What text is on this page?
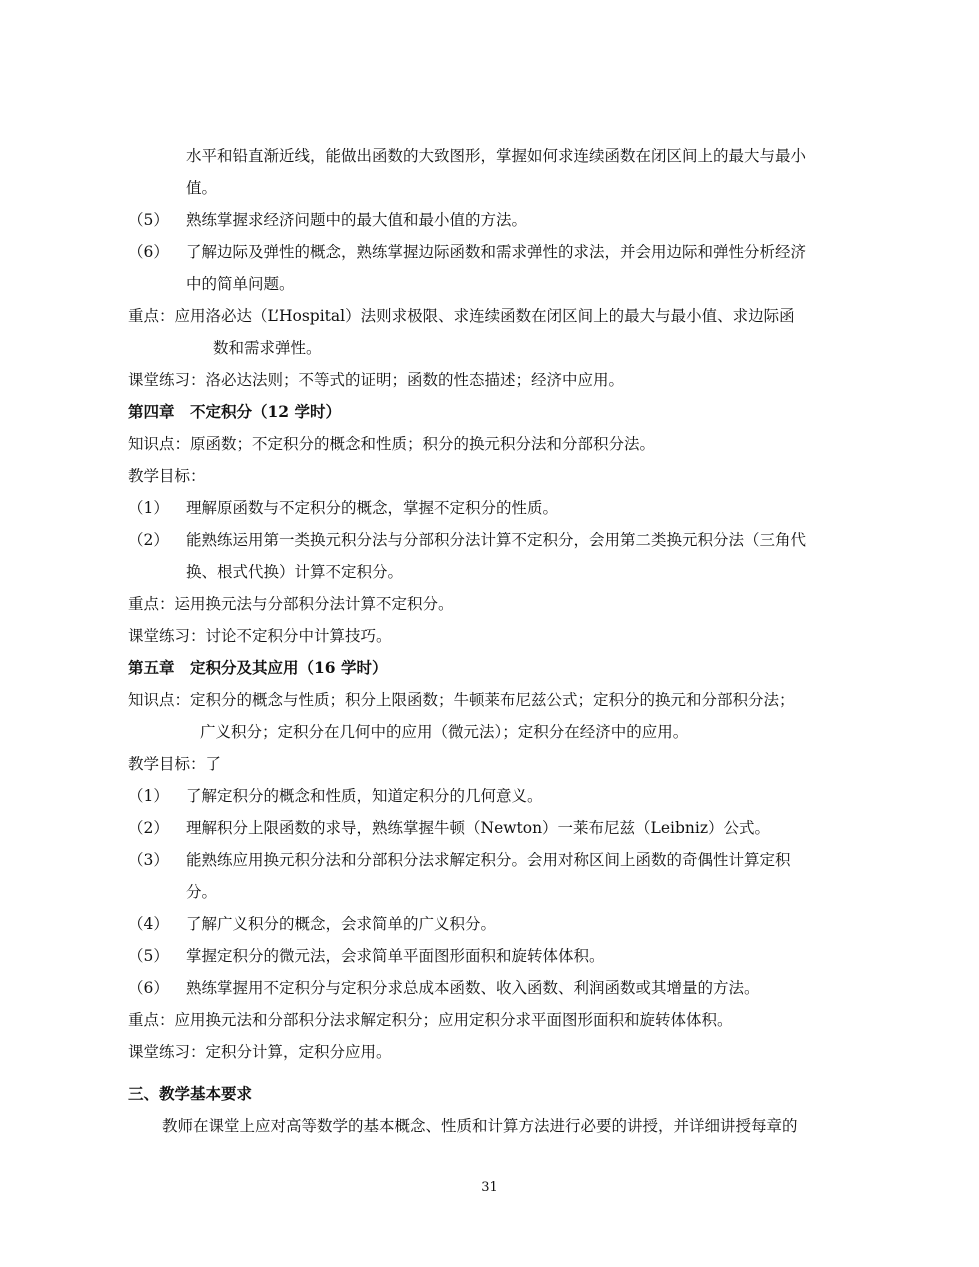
水平和铅直渐近线，能做出函数的大致图形，掌握如何求连续函数在闭区间上的最大与最小
值。
（5）	熟练掌握求经济问题中的最大值和最小值的方法。
（6）	了解边际及弹性的概念，熟练掌握边际函数和需求弹性的求法，并会用边际和弹性分析经济
中的简单问题。
重点：应用洛必达（L’Hospital）法则求极限、求连续函数在闭区间上的最大与最小值、求边际函
数和需求弹性。
课堂练习：洛必达法则；不等式的证明；函数的性态描述；经济中应用。
第四章　不定积分（12 学时）
知识点：原函数；不定积分的概念和性质；积分的换元积分法和分部积分法。
教学目标：
（1）	理解原函数与不定积分的概念，掌握不定积分的性质。
（2）	能熟练运用第一类换元积分法与分部积分法计算不定积分，会用第二类换元积分法（三角代
换、根式代换）计算不定积分。
重点：运用换元法与分部积分法计算不定积分。
课堂练习：讨论不定积分中计算技巧。
第五章　定积分及其应用（16 学时）
知识点：定积分的概念与性质；积分上限函数；牛顿莱布尼兹公式；定积分的换元和分部积分法；
广义积分；定积分在几何中的应用（微元法）；定积分在经济中的应用。
教学目标：了
（1）	了解定积分的概念和性质，知道定积分的几何意义。
（2）	理解积分上限函数的求导，熟练掌握牛顿（Newton）一莱布尼兹（Leibniz）公式。
（3）	能熟练应用换元积分法和分部积分法求解定积分。会用对称区间上函数的奇偶性计算定积
分。
（4）	了解广义积分的概念，会求简单的广义积分。
（5）	掌握定积分的微元法，会求简单平面图形面积和旋转体体积。
（6）	熟练掌握用不定积分与定积分求总成本函数、收入函数、利润函数或其增量的方法。
重点：应用换元法和分部积分法求解定积分；应用定积分求平面图形面积和旋转体体积。
课堂练习：定积分计算，定积分应用。
三、教学基本要求
教师在课堂上应对高等数学的基本概念、性质和计算方法进行必要的讲授，并详细讲授每章的
31
